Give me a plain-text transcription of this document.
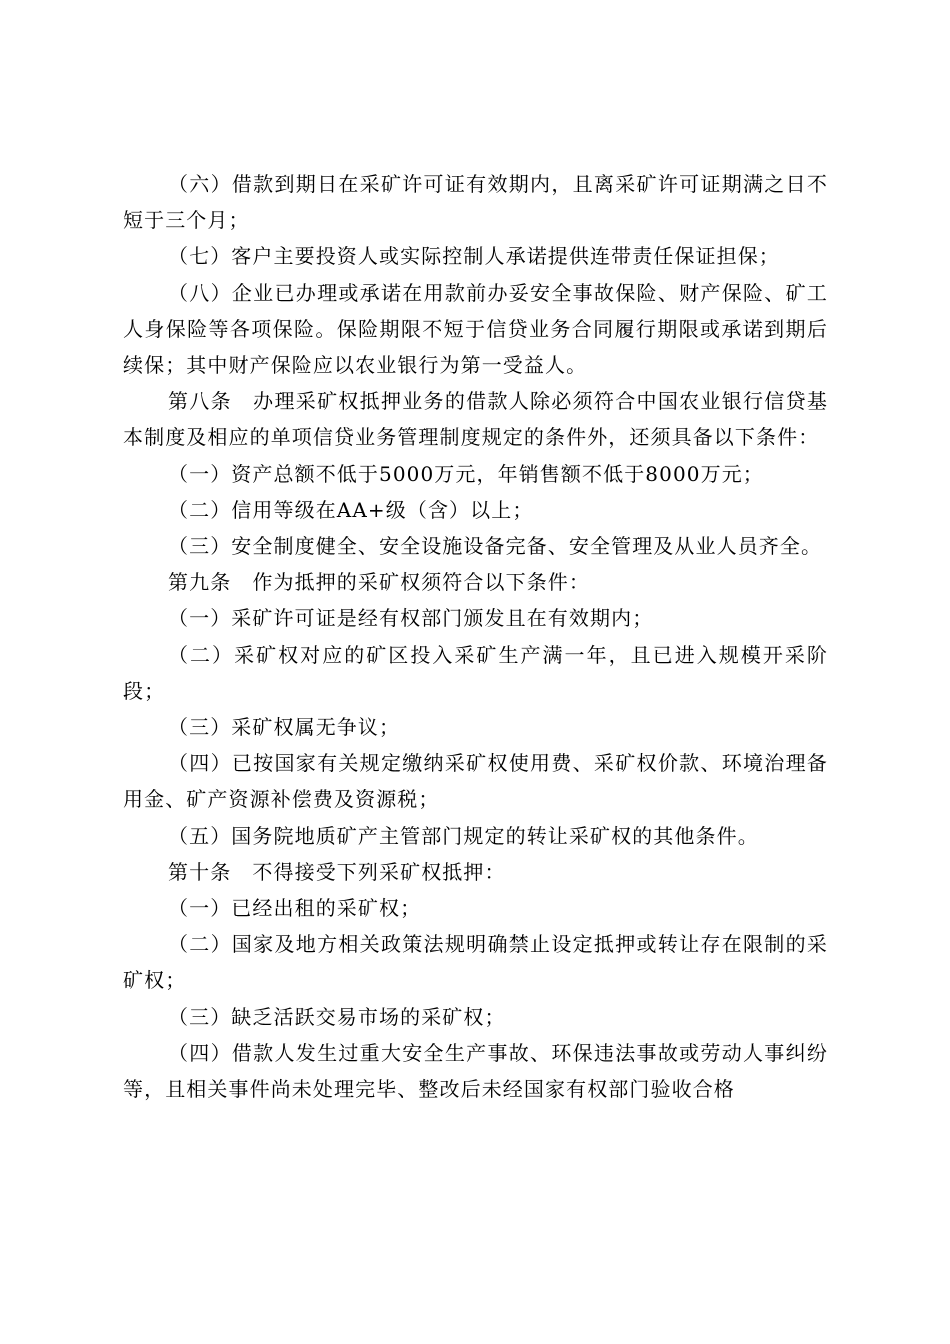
（六）借款到期日在采矿许可证有效期内，且离采矿许可证期满之日不短于三个月；

（七）客户主要投资人或实际控制人承诺提供连带责任保证担保；

（八）企业已办理或承诺在用款前办妥安全事故保险、财产保险、矿工人身保险等各项保险。保险期限不短于信贷业务合同履行期限或承诺到期后续保；其中财产保险应以农业银行为第一受益人。

第八条　办理采矿权抵押业务的借款人除必须符合中国农业银行信贷基本制度及相应的单项信贷业务管理制度规定的条件外，还须具备以下条件：

（一）资产总额不低于5000万元，年销售额不低于8000万元；

（二）信用等级在AA+级（含）以上；

（三）安全制度健全、安全设施设备完备、安全管理及从业人员齐全。

第九条　作为抵押的采矿权须符合以下条件：

（一）采矿许可证是经有权部门颁发且在有效期内；

（二）采矿权对应的矿区投入采矿生产满一年，且已进入规模开采阶段；

（三）采矿权属无争议；

（四）已按国家有关规定缴纳采矿权使用费、采矿权价款、环境治理备用金、矿产资源补偿费及资源税；

（五）国务院地质矿产主管部门规定的转让采矿权的其他条件。

第十条　不得接受下列采矿权抵押：

（一）已经出租的采矿权；

（二）国家及地方相关政策法规明确禁止设定抵押或转让存在限制的采矿权；

（三）缺乏活跃交易市场的采矿权；

（四）借款人发生过重大安全生产事故、环保违法事故或劳动人事纠纷等，且相关事件尚未处理完毕、整改后未经国家有权部门验收合格
